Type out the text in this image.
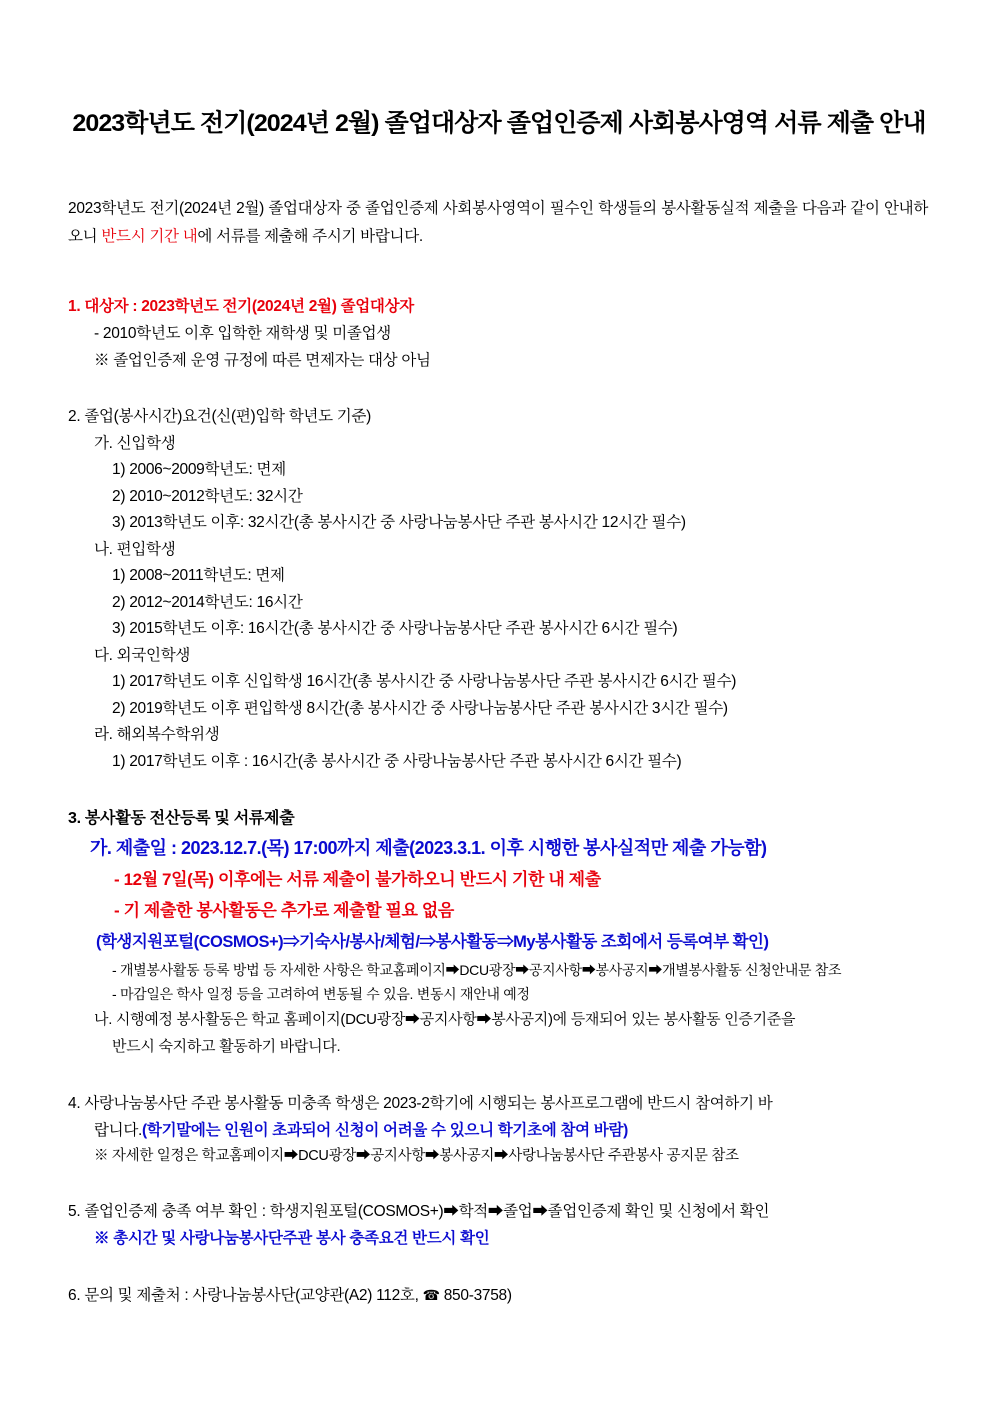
2023학년도 전기(2024년 2월) 졸업대상자 졸업인증제 사회봉사영역 서류 제출 안내

2023학년도 전기(2024년 2월) 졸업대상자 중 졸업인증제 사회봉사영역이 필수인 학생들의 봉사활동실적 제출을 다음과 같이 안내하오니 반드시 기간 내에 서류를 제출해 주시기 바랍니다.

1. 대상자 : 2023학년도 전기(2024년 2월) 졸업대상자

- 2010학년도 이후 입학한 재학생 및 미졸업생

※ 졸업인증제 운영 규정에 따른 면제자는 대상 아님

2. 졸업(봉사시간)요건(신(편)입학 학년도 기준)

가. 신입학생

1) 2006~2009학년도: 면제

2) 2010~2012학년도: 32시간

3) 2013학년도 이후: 32시간(총 봉사시간 중 사랑나눔봉사단 주관 봉사시간 12시간 필수)

나. 편입학생

1) 2008~2011학년도: 면제

2) 2012~2014학년도: 16시간

3) 2015학년도 이후: 16시간(총 봉사시간 중 사랑나눔봉사단 주관 봉사시간 6시간 필수)

다. 외국인학생

1) 2017학년도 이후 신입학생 16시간(총 봉사시간 중 사랑나눔봉사단 주관 봉사시간 6시간 필수)

2) 2019학년도 이후 편입학생 8시간(총 봉사시간 중 사랑나눔봉사단 주관 봉사시간 3시간 필수)

라. 해외복수학위생

1) 2017학년도 이후 : 16시간(총 봉사시간 중 사랑나눔봉사단 주관 봉사시간 6시간 필수)

3. 봉사활동 전산등록 및 서류제출

가. 제출일 : 2023.12.7.(목) 17:00까지 제출(2023.3.1. 이후 시행한 봉사실적만 제출 가능함)

- 12월 7일(목) 이후에는 서류 제출이 불가하오니 반드시 기한 내 제출

- 기 제출한 봉사활동은 추가로 제출할 필요 없음

(학생지원포털(COSMOS+)⇒기숙사/봉사/체험/⇒봉사활동⇒My봉사활동 조회에서 등록여부 확인)

- 개별봉사활동 등록 방법 등 자세한 사항은 학교홈페이지➡DCU광장➡공지사항➡봉사공지➡개별봉사활동 신청안내문 참조

- 마감일은 학사 일정 등을 고려하여 변동될 수 있음. 변동시 재안내 예정

나. 시행예정 봉사활동은 학교 홈페이지(DCU광장➡공지사항➡봉사공지)에 등재되어 있는 봉사활동 인증기준을

반드시 숙지하고 활동하기 바랍니다.

4. 사랑나눔봉사단 주관 봉사활동 미충족 학생은 2023-2학기에 시행되는 봉사프로그램에 반드시 참여하기 바

랍니다.(학기말에는 인원이 초과되어 신청이 어려울 수 있으니 학기초에 참여 바람)

※ 자세한 일정은 학교홈페이지➡DCU광장➡공지사항➡봉사공지➡사랑나눔봉사단 주관봉사 공지문 참조

5. 졸업인증제 충족 여부 확인 : 학생지원포털(COSMOS+)➡학적➡졸업➡졸업인증제 확인 및 신청에서 확인

※ 총시간 및 사랑나눔봉사단주관 봉사 충족요건 반드시 확인

6. 문의 및 제출처 : 사랑나눔봉사단(교양관(A2) 112호, ☎ 850-3758)
